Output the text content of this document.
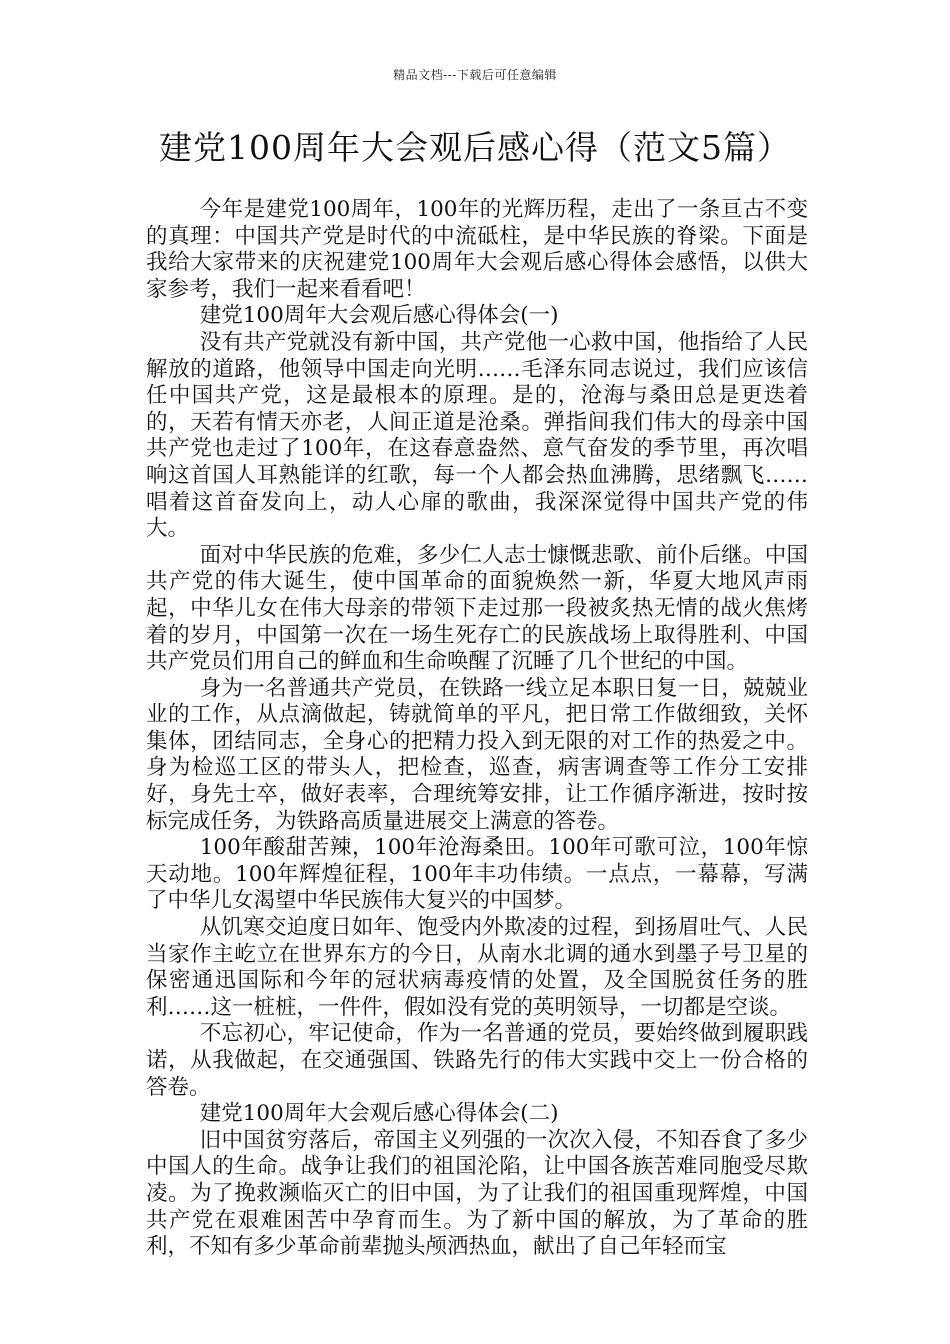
精品文档---下载后可任意编辑
建党100周年大会观后感心得（范文5篇）

今年是建党100周年，100年的光辉历程，走出了一条亘古不变的真理：中国共产党是时代的中流砥柱，是中华民族的脊梁。下面是我给大家带来的庆祝建党100周年大会观后感心得体会感悟，以供大家参考，我们一起来看看吧！

建党100周年大会观后感心得体会(一)

没有共产党就没有新中国，共产党他一心救中国，他指给了人民解放的道路，他领导中国走向光明……毛泽东同志说过，我们应该信任中国共产党，这是最根本的原理。是的，沧海与桑田总是更迭着的，天若有情天亦老，人间正道是沧桑。弹指间我们伟大的母亲中国共产党也走过了100年，在这春意盎然、意气奋发的季节里，再次唱响这首国人耳熟能详的红歌，每一个人都会热血沸腾，思绪飘飞……唱着这首奋发向上，动人心扉的歌曲，我深深觉得中国共产党的伟大。

面对中华民族的危难，多少仁人志士慷慨悲歌、前仆后继。中国共产党的伟大诞生，使中国革命的面貌焕然一新，华夏大地风声雨起，中华儿女在伟大母亲的带领下走过那一段被炙热无情的战火焦烤着的岁月，中国第一次在一场生死存亡的民族战场上取得胜利、中国共产党员们用自己的鲜血和生命唤醒了沉睡了几个世纪的中国。

身为一名普通共产党员，在铁路一线立足本职日复一日，兢兢业业的工作，从点滴做起，铸就简单的平凡，把日常工作做细致，关怀集体，团结同志，全身心的把精力投入到无限的对工作的热爱之中。身为检巡工区的带头人，把检查，巡查，病害调查等工作分工安排好，身先士卒，做好表率，合理统筹安排，让工作循序渐进，按时按标完成任务，为铁路高质量进展交上满意的答卷。

100年酸甜苦辣，100年沧海桑田。100年可歌可泣，100年惊天动地。100年辉煌征程，100年丰功伟绩。一点点，一幕幕，写满了中华儿女渴望中华民族伟大复兴的中国梦。

从饥寒交迫度日如年、饱受内外欺凌的过程，到扬眉吐气、人民当家作主屹立在世界东方的今日，从南水北调的通水到墨子号卫星的保密通迅国际和今年的冠状病毒疫情的处置，及全国脱贫任务的胜利……这一桩桩，一件件，假如没有党的英明领导，一切都是空谈。

不忘初心，牢记使命，作为一名普通的党员，要始终做到履职践诺，从我做起，在交通强国、铁路先行的伟大实践中交上一份合格的答卷。

建党100周年大会观后感心得体会(二)

旧中国贫穷落后，帝国主义列强的一次次入侵，不知吞食了多少中国人的生命。战争让我们的祖国沦陷，让中国各族苦难同胞受尽欺凌。为了挽救濒临灭亡的旧中国，为了让我们的祖国重现辉煌，中国共产党在艰难困苦中孕育而生。为了新中国的解放，为了革命的胜利，不知有多少革命前辈抛头颅洒热血，献出了自己年轻而宝
